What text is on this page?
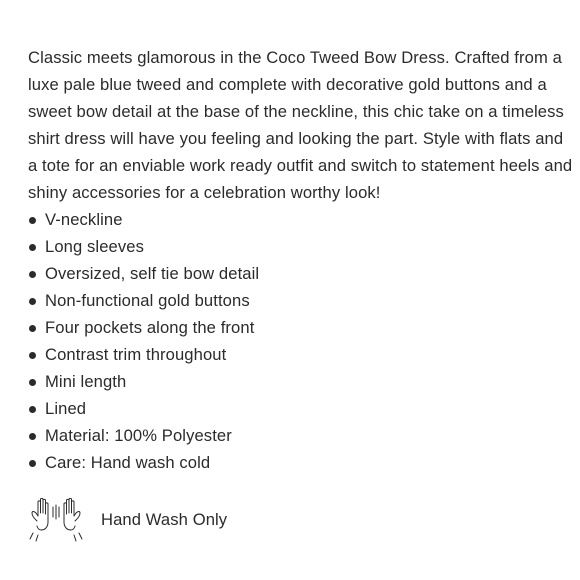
Classic meets glamorous in the Coco Tweed Bow Dress. Crafted from a luxe pale blue tweed and complete with decorative gold buttons and a sweet bow detail at the base of the neckline, this chic take on a timeless shirt dress will have you feeling and looking the part. Style with flats and a tote for an enviable work ready outfit and switch to statement heels and shiny accessories for a celebration worthy look!

V-neckline
Long sleeves
Oversized, self tie bow detail
Non-functional gold buttons
Four pockets along the front
Contrast trim throughout
Mini length
Lined
Material: 100% Polyester
Care: Hand wash cold
Hand Wash Only
